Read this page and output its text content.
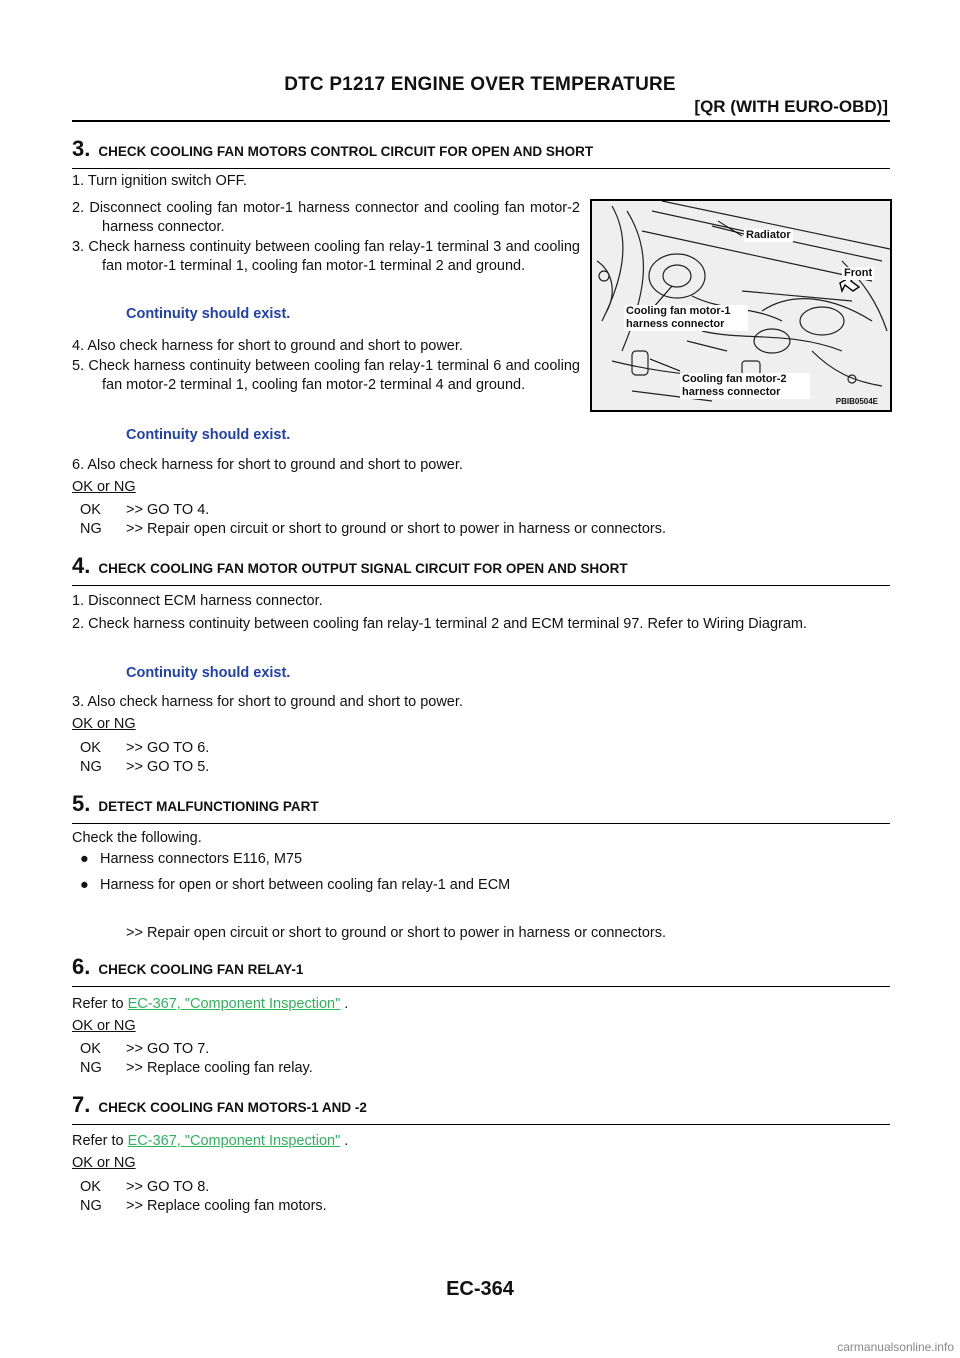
DTC P1217 ENGINE OVER TEMPERATURE
[QR (WITH EURO-OBD)]
3. CHECK COOLING FAN MOTORS CONTROL CIRCUIT FOR OPEN AND SHORT
1. Turn ignition switch OFF.
2. Disconnect cooling fan motor-1 harness connector and cooling fan motor-2 harness connector.
3. Check harness continuity between cooling fan relay-1 terminal 3 and cooling fan motor-1 terminal 1, cooling fan motor-1 terminal 2 and ground.
Continuity should exist.
4. Also check harness for short to ground and short to power.
5. Check harness continuity between cooling fan relay-1 terminal 6 and cooling fan motor-2 terminal 1, cooling fan motor-2 terminal 4 and ground.
Continuity should exist.
6. Also check harness for short to ground and short to power.
OK or NG
OK >> GO TO 4.
NG >> Repair open circuit or short to ground or short to power in harness or connectors.
Radiator
Front
Cooling fan motor-1 harness connector
Cooling fan motor-2 harness connector
PBIB0504E
4. CHECK COOLING FAN MOTOR OUTPUT SIGNAL CIRCUIT FOR OPEN AND SHORT
1. Disconnect ECM harness connector.
2. Check harness continuity between cooling fan relay-1 terminal 2 and ECM terminal 97. Refer to Wiring Diagram.
Continuity should exist.
3. Also check harness for short to ground and short to power.
OK or NG
OK >> GO TO 6.
NG >> GO TO 5.
5. DETECT MALFUNCTIONING PART
Check the following.
● Harness connectors E116, M75
● Harness for open or short between cooling fan relay-1 and ECM
>> Repair open circuit or short to ground or short to power in harness or connectors.
6. CHECK COOLING FAN RELAY-1
Refer to EC-367, "Component Inspection" .
OK or NG
OK >> GO TO 7.
NG >> Replace cooling fan relay.
7. CHECK COOLING FAN MOTORS-1 AND -2
Refer to EC-367, "Component Inspection" .
OK or NG
OK >> GO TO 8.
NG >> Replace cooling fan motors.
EC-364
carmanualsonline.info
